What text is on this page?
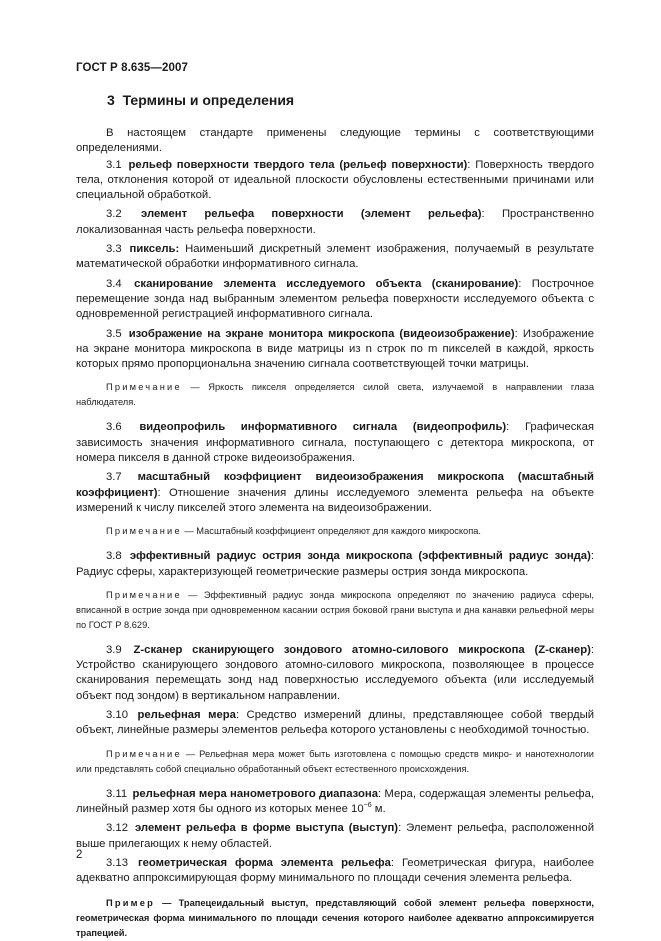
ГОСТ Р 8.635—2007
3 Термины и определения

В настоящем стандарте применены следующие термины с соответствующими определениями.

3.1 рельеф поверхности твердого тела (рельеф поверхности): Поверхность твердого тела, отклонения которой от идеальной плоскости обусловлены естественными причинами или специальной обработкой.

3.2 элемент рельефа поверхности (элемент рельефа): Пространственно локализованная часть рельефа поверхности.

3.3 пиксель: Наименьший дискретный элемент изображения, получаемый в результате математической обработки информативного сигнала.

3.4 сканирование элемента исследуемого объекта (сканирование): Построчное перемещение зонда над выбранным элементом рельефа поверхности исследуемого объекта с одновременной регистрацией информативного сигнала.

3.5 изображение на экране монитора микроскопа (видеоизображение): Изображение на экране монитора микроскопа в виде матрицы из n строк по m пикселей в каждой, яркость которых прямо пропорциональна значению сигнала соответствующей точки матрицы.

Примечание — Яркость пикселя определяется силой света, излучаемой в направлении глаза наблюдателя.

3.6 видеопрофиль информативного сигнала (видеопрофиль): Графическая зависимость значения информативного сигнала, поступающего с детектора микроскопа, от номера пикселя в данной строке видеоизображения.

3.7 масштабный коэффициент видеоизображения микроскопа (масштабный коэффициент): Отношение значения длины исследуемого элемента рельефа на объекте измерений к числу пикселей этого элемента на видеоизображении.

Примечание — Масштабный коэффициент определяют для каждого микроскопа.

3.8 эффективный радиус острия зонда микроскопа (эффективный радиус зонда): Радиус сферы, характеризующей геометрические размеры острия зонда микроскопа.

Примечание — Эффективный радиус зонда микроскопа определяют по значению радиуса сферы, вписанной в острие зонда при одновременном касании острия боковой грани выступа и дна канавки рельефной меры по ГОСТ Р 8.629.

3.9 Z-сканер сканирующего зондового атомно-силового микроскопа (Z-сканер): Устройство сканирующего зондового атомно-силового микроскопа, позволяющее в процессе сканирования перемещать зонд над поверхностью исследуемого объекта (или исследуемый объект под зондом) в вертикальном направлении.

3.10 рельефная мера: Средство измерений длины, представляющее собой твердый объект, линейные размеры элементов рельефа которого установлены с необходимой точностью.

Примечание — Рельефная мера может быть изготовлена с помощью средств микро- и нанотехнологии или представлять собой специально обработанный объект естественного происхождения.

3.11 рельефная мера нанометрового диапазона: Мера, содержащая элементы рельефа, линейный размер хотя бы одного из которых менее $10^{-6}$ м.

3.12 элемент рельефа в форме выступа (выступ): Элемент рельефа, расположенной выше прилегающих к нему областей.

3.13 геометрическая форма элемента рельефа: Геометрическая фигура, наиболее адекватно аппроксимирующая форму минимального по площади сечения элемента рельефа.

Пример — Трапецеидальный выступ, представляющий собой элемент рельефа поверхности, геометрическая форма минимального по площади сечения которого наиболее адекватно аппроксимируется трапецией.

2
